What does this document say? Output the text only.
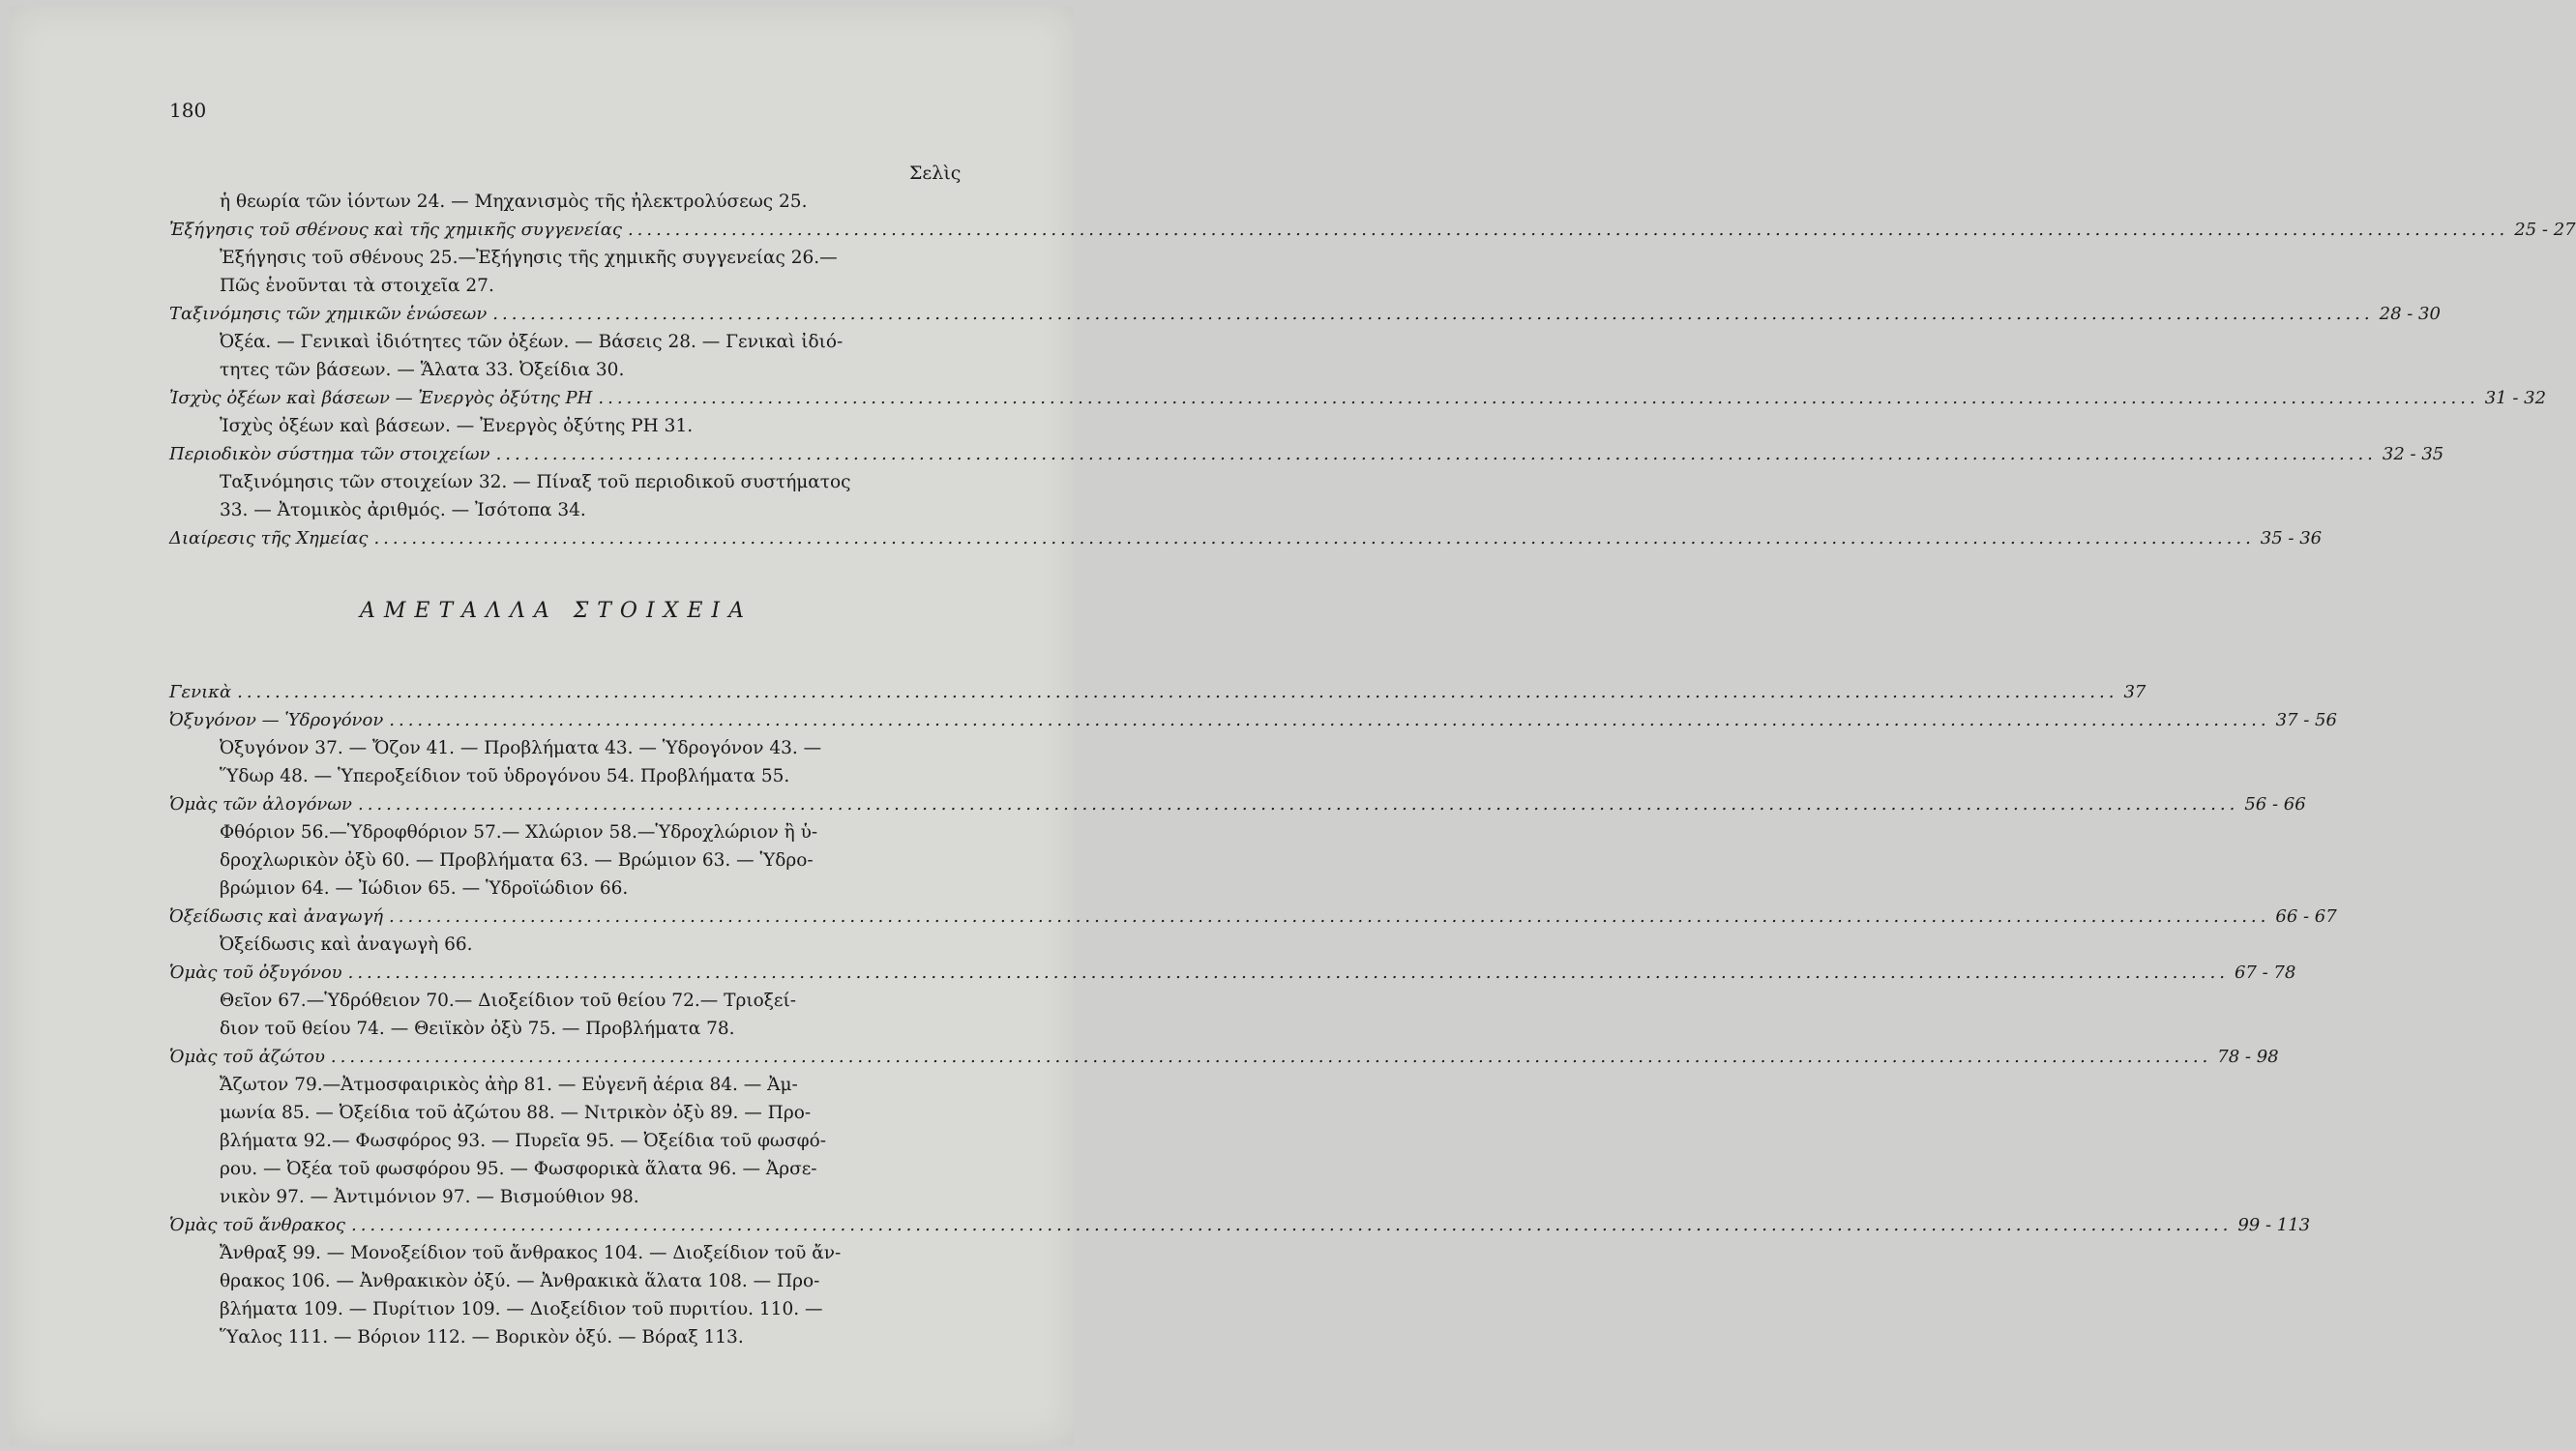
180
Σελὶς
ἡ θεωρία τῶν ἰόντων 24. — Μηχανισμὸς τῆς ἠλεκτρολύσεως 25.
Ἐξήγησις τοῦ σθένους καὶ τῆς χημικῆς συγγενείας ........................................................................................................................................................................................................ 25 - 27
Ἐξήγησις τοῦ σθένους 25.—Ἐξήγησις τῆς χημικῆς συγγενείας 26.—
Πῶς ἑνοῦνται τὰ στοιχεῖα 27.
Ταξινόμησις τῶν χημικῶν ἑνώσεων ........................................................................................................................................................................................................ 28 - 30
Ὀξέα. — Γενικαὶ ἰδιότητες τῶν ὀξέων. — Βάσεις 28. — Γενικαὶ ἰδιό-
τητες τῶν βάσεων. — Ἅλατα 33. Ὀξείδια 30.
Ἰσχὺς ὀξέων καὶ βάσεων — Ἐνεργὸς ὀξύτης PH ........................................................................................................................................................................................................ 31 - 32
Ἰσχὺς ὀξέων καὶ βάσεων. — Ἐνεργὸς ὀξύτης PH 31.
Περιοδικὸν σύστημα τῶν στοιχείων ........................................................................................................................................................................................................ 32 - 35
Ταξινόμησις τῶν στοιχείων 32. — Πίναξ τοῦ περιοδικοῦ συστήματος
33. — Ἀτομικὸς ἀριθμός. — Ἰσότοπα 34.
Διαίρεσις τῆς Χημείας ........................................................................................................................................................................................................ 35 - 36
ΑΜΕΤΑΛΛΑ ΣΤΟΙΧΕΙΑ
Γενικὰ ........................................................................................................................................................................................................ 37
Ὀξυγόνον — Ὑδρογόνον ........................................................................................................................................................................................................ 37 - 56
Ὀξυγόνον 37. — Ὄζον 41. — Προβλήματα 43. — Ὑδρογόνον 43. —
Ὕδωρ 48. — Ὑπεροξείδιον τοῦ ὑδρογόνου 54. Προβλήματα 55.
Ὁμὰς τῶν ἀλογόνων ........................................................................................................................................................................................................ 56 - 66
Φθόριον 56.—Ὑδροφθόριον 57.— Χλώριον 58.—Ὑδροχλώριον ἢ ὑ-
δροχλωρικὸν ὀξὺ 60. — Προβλήματα 63. — Βρώμιον 63. — Ὑδρο-
βρώμιον 64. — Ἰώδιον 65. — Ὑδροϊώδιον 66.
Ὀξείδωσις καὶ ἀναγωγή ........................................................................................................................................................................................................ 66 - 67
Ὀξείδωσις καὶ ἀναγωγὴ 66.
Ὁμὰς τοῦ ὀξυγόνου ........................................................................................................................................................................................................ 67 - 78
Θεῖον 67.—Ὑδρόθειον 70.— Διοξείδιον τοῦ θείου 72.— Τριοξεί-
διον τοῦ θείου 74. — Θειϊκὸν ὀξὺ 75. — Προβλήματα 78.
Ὁμὰς τοῦ ἀζώτου ........................................................................................................................................................................................................ 78 - 98
Ἄζωτον 79.—Ἀτμοσφαιρικὸς ἀὴρ 81. — Εὐγενῆ ἀέρια 84. — Ἀμ-
μωνία 85. — Ὀξείδια τοῦ ἀζώτου 88. — Νιτρικὸν ὀξὺ 89. — Προ-
βλήματα 92.— Φωσφόρος 93. — Πυρεῖα 95. — Ὀξείδια τοῦ φωσφό-
ρου. — Ὀξέα τοῦ φωσφόρου 95. — Φωσφορικὰ ἅλατα 96. — Ἀρσε-
νικὸν 97. — Ἀντιμόνιον 97. — Βισμούθιον 98.
Ὁμὰς τοῦ ἄνθρακος ........................................................................................................................................................................................................ 99 - 113
Ἄνθραξ 99. — Μονοξείδιον τοῦ ἄνθρακος 104. — Διοξείδιον τοῦ ἄν-
θρακος 106. — Ἀνθρακικὸν ὀξύ. — Ἀνθρακικὰ ἅλατα 108. — Προ-
βλήματα 109. — Πυρίτιον 109. — Διοξείδιον τοῦ πυριτίου. 110. —
Ὕαλος 111. — Βόριον 112. — Βορικὸν ὀξύ. — Βόραξ 113.
